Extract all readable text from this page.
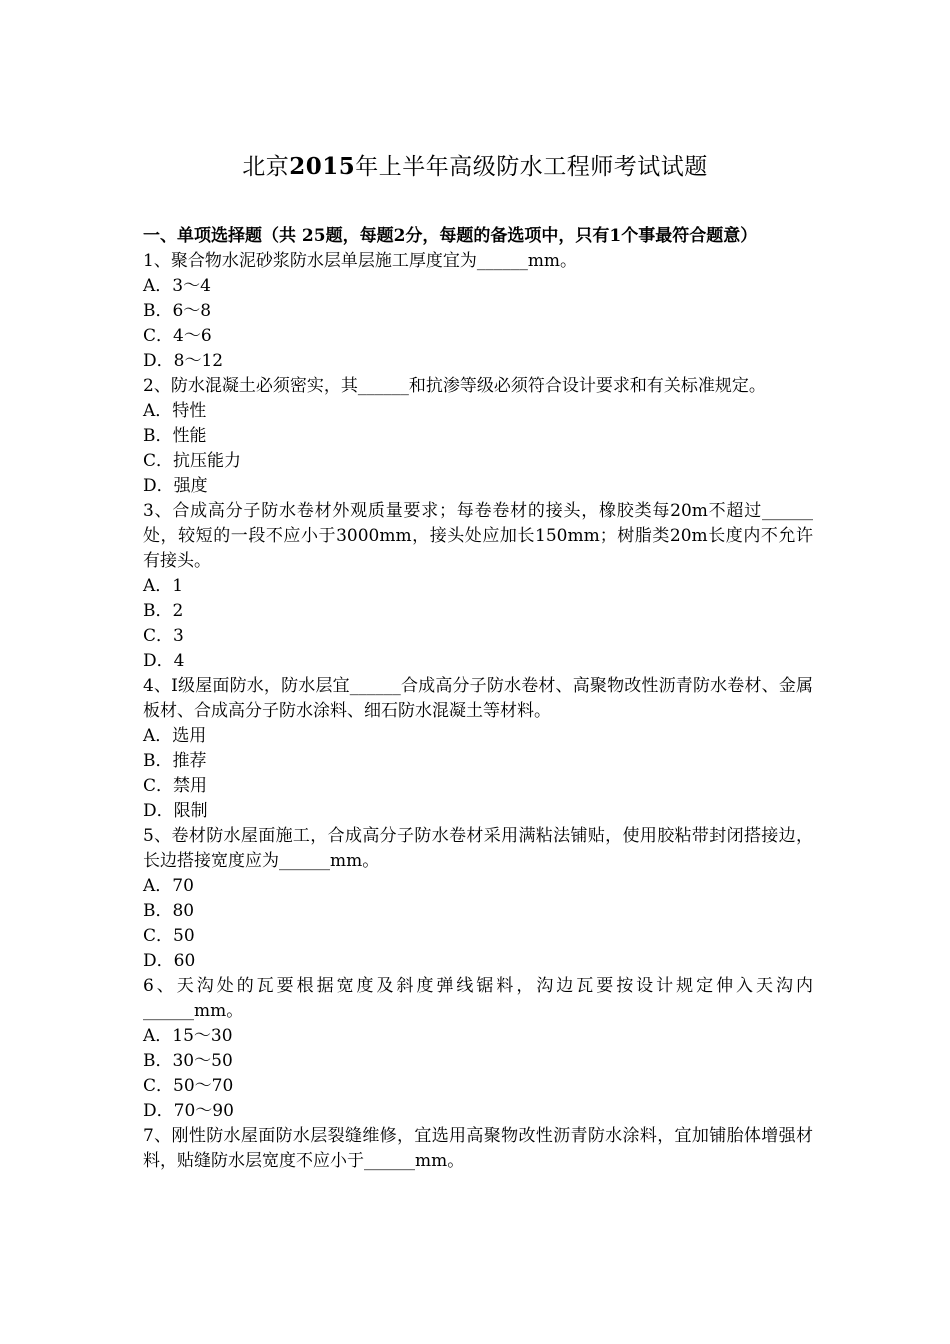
北京2015年上半年高级防水工程师考试试题

一、单项选择题（共 25题，每题2分，每题的备选项中，只有1个事最符合题意）

1、聚合物水泥砂浆防水层单层施工厚度宜为______mm。

A．3～4

B．6～8

C．4～6

D．8～12

2、防水混凝土必须密实，其______和抗渗等级必须符合设计要求和有关标准规定。

A．特性

B．性能

C．抗压能力

D．强度

3、合成高分子防水卷材外观质量要求；每卷卷材的接头，橡胶类每20m不超过______处，较短的一段不应小于3000mm，接头处应加长150mm；树脂类20m长度内不允许有接头。

A．1

B．2

C．3

D．4

4、Ⅰ级屋面防水，防水层宜______合成高分子防水卷材、高聚物改性沥青防水卷材、金属板材、合成高分子防水涂料、细石防水混凝土等材料。

A．选用

B．推荐

C．禁用

D．限制

5、卷材防水屋面施工，合成高分子防水卷材采用满粘法铺贴，使用胶粘带封闭搭接边，长边搭接宽度应为______mm。

A．70

B．80

C．50

D．60

6、天沟处的瓦要根据宽度及斜度弹线锯料，沟边瓦要按设计规定伸入天沟内______mm。

A．15～30

B．30～50

C．50～70

D．70～90

7、刚性防水屋面防水层裂缝维修，宜选用高聚物改性沥青防水涂料，宜加铺胎体增强材料，贴缝防水层宽度不应小于______mm。
